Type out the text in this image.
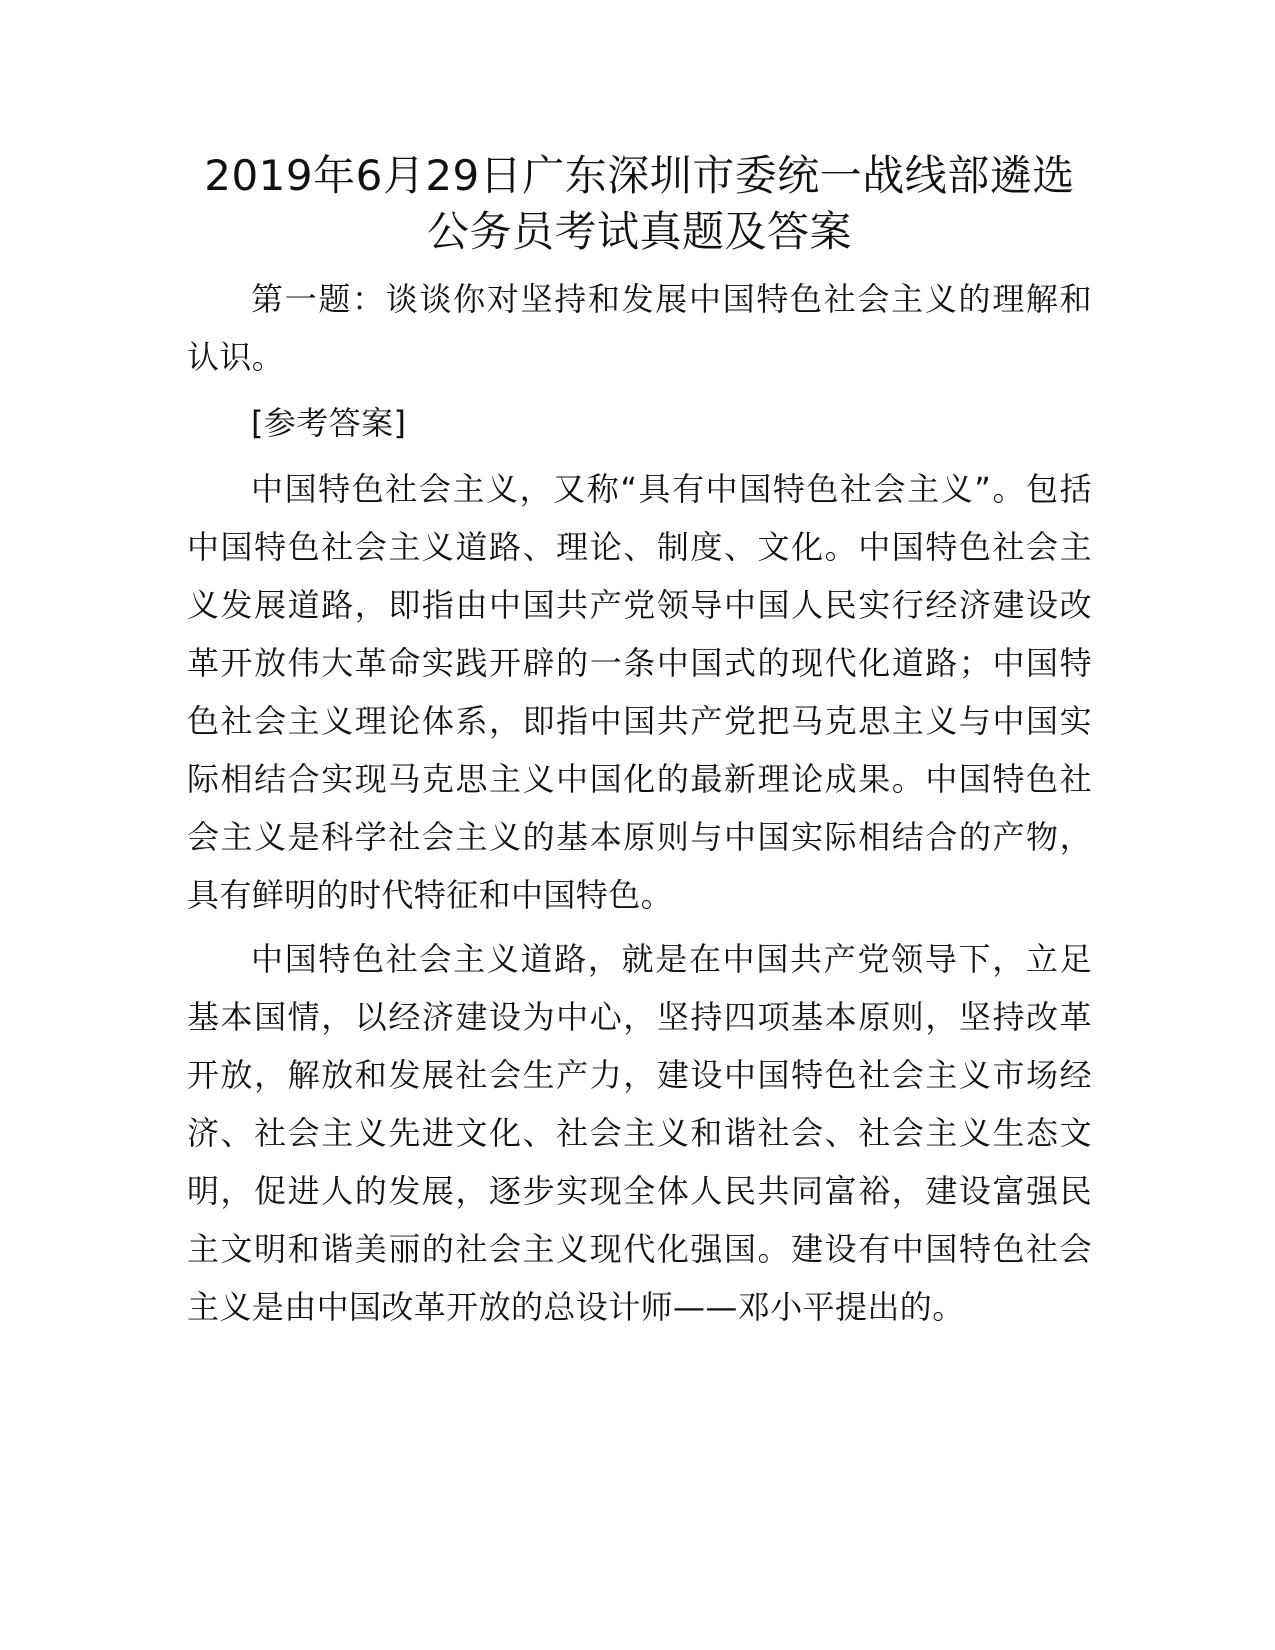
2019年6月29日广东深圳市委统一战线部遴选公务员考试真题及答案

第一题：谈谈你对坚持和发展中国特色社会主义的理解和认识。

[参考答案]

中国特色社会主义，又称“具有中国特色社会主义”。包括中国特色社会主义道路、理论、制度、文化。中国特色社会主义发展道路，即指由中国共产党领导中国人民实行经济建设改革开放伟大革命实践开辟的一条中国式的现代化道路；中国特色社会主义理论体系，即指中国共产党把马克思主义与中国实际相结合实现马克思主义中国化的最新理论成果。中国特色社会主义是科学社会主义的基本原则与中国实际相结合的产物，具有鲜明的时代特征和中国特色。

中国特色社会主义道路，就是在中国共产党领导下，立足基本国情，以经济建设为中心，坚持四项基本原则，坚持改革开放，解放和发展社会生产力，建设中国特色社会主义市场经济、社会主义先进文化、社会主义和谐社会、社会主义生态文明，促进人的发展，逐步实现全体人民共同富裕，建设富强民主文明和谐美丽的社会主义现代化强国。建设有中国特色社会主义是由中国改革开放的总设计师——邓小平提出的。
